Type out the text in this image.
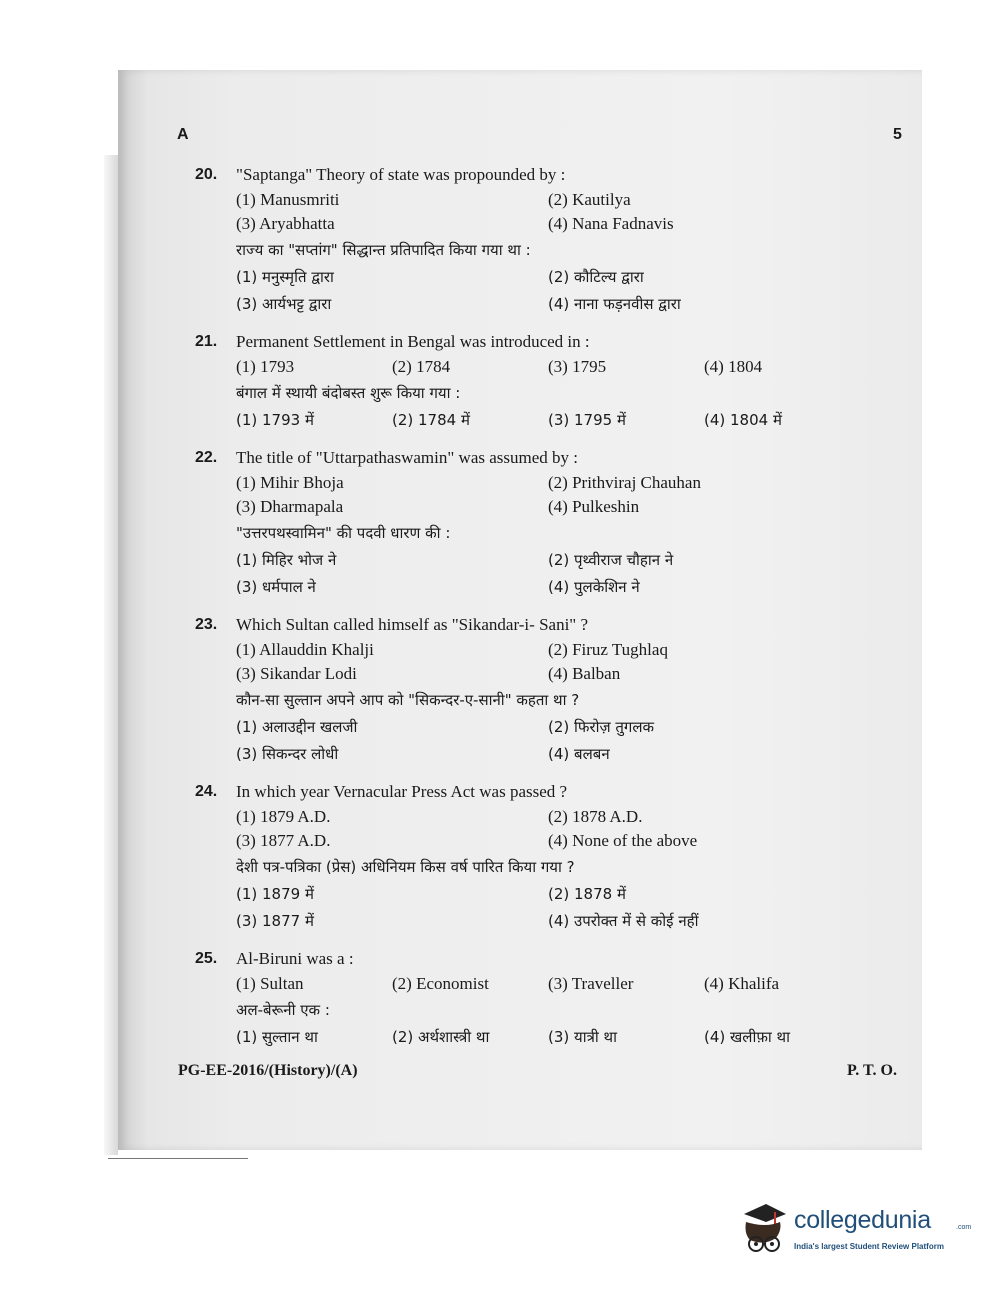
A	5
20. "Saptanga" Theory of state was propounded by :
(1) Manusmriti	(2) Kautilya
(3) Aryabhatta	(4) Nana Fadnavis
राज्य का "सप्तांग" सिद्धान्त प्रतिपादित किया गया था :
(1) मनुस्मृति द्वारा	(2) कौटिल्य द्वारा
(3) आर्यभट्ट द्वारा	(4) नाना फड़नवीस द्वारा
21. Permanent Settlement in Bengal was introduced in :
(1) 1793	(2) 1784	(3) 1795	(4) 1804
बंगाल में स्थायी बंदोबस्त शुरू किया गया :
(1) 1793 में	(2) 1784 में	(3) 1795 में	(4) 1804 में
22. The title of "Uttarpathaswamin" was assumed by :
(1) Mihir Bhoja	(2) Prithviraj Chauhan
(3) Dharmapala	(4) Pulkeshin
"उत्तरपथस्वामिन" की पदवी धारण की :
(1) मिहिर भोज ने	(2) पृथ्वीराज चौहान ने
(3) धर्मपाल ने	(4) पुलकेशिन ने
23. Which Sultan called himself as "Sikandar-i- Sani" ?
(1) Allauddin Khalji	(2) Firuz Tughlaq
(3) Sikandar Lodi	(4) Balban
कौन-सा सुल्तान अपने आप को "सिकन्दर-ए-सानी" कहता था ?
(1) अलाउद्दीन खलजी	(2) फिरोज़ तुगलक
(3) सिकन्दर लोधी	(4) बलबन
24. In which year Vernacular Press Act was passed ?
(1) 1879 A.D.	(2) 1878 A.D.
(3) 1877 A.D.	(4) None of the above
देशी पत्र-पत्रिका (प्रेस) अधिनियम किस वर्ष पारित किया गया ?
(1) 1879 में	(2) 1878 में
(3) 1877 में	(4) उपरोक्त में से कोई नहीं
25. Al-Biruni was a :
(1) Sultan	(2) Economist	(3) Traveller	(4) Khalifa
अल-बेरूनी एक :
(1) सुल्तान था	(2) अर्थशास्त्री था	(3) यात्री था	(4) खलीफ़ा था
PG-EE-2016/(History)/(A)	P. T. O.
collegedunia	.com
India's largest Student Review Platform
